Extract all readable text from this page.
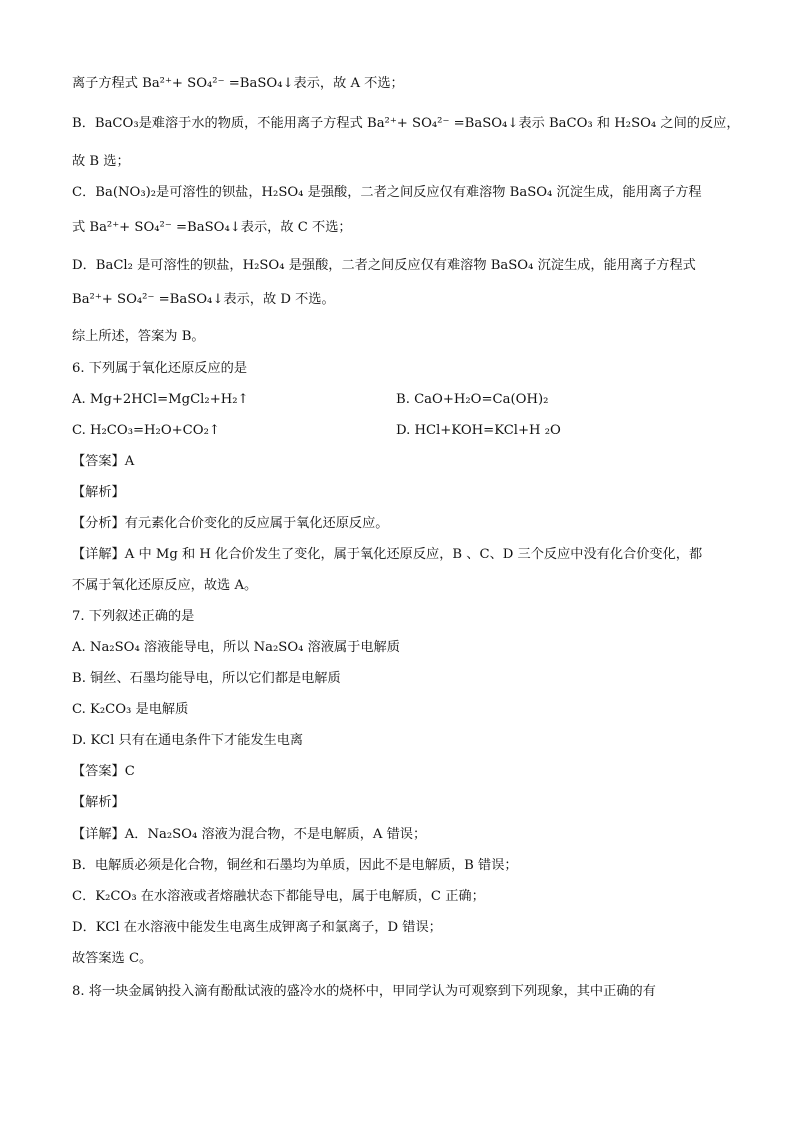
离子方程式 Ba²⁺+ SO₄²⁻ =BaSO₄↓表示，故 A 不选；
B．BaCO₃是难溶于水的物质，不能用离子方程式 Ba²⁺+ SO₄²⁻ =BaSO₄↓表示 BaCO₃ 和 H₂SO₄ 之间的反应，
故 B 选；
C．Ba(NO₃)₂是可溶性的钡盐，H₂SO₄ 是强酸，二者之间反应仅有难溶物 BaSO₄ 沉淀生成，能用离子方程
式 Ba²⁺+ SO₄²⁻ =BaSO₄↓表示，故 C 不选；
D．BaCl₂ 是可溶性的钡盐，H₂SO₄ 是强酸，二者之间反应仅有难溶物 BaSO₄ 沉淀生成，能用离子方程式
Ba²⁺+ SO₄²⁻ =BaSO₄↓表示，故 D 不选。
综上所述，答案为 B。
6. 下列属于氧化还原反应的是
A. Mg+2HCl=MgCl₂+H₂↑	B. CaO+H₂O=Ca(OH)₂
C. H₂CO₃=H₂O+CO₂↑	D. HCl+KOH=KCl+H ₂O
【答案】A
【解析】
【分析】有元素化合价变化的反应属于氧化还原反应。
【详解】A 中 Mg 和 H 化合价发生了变化，属于氧化还原反应，B 、C、D 三个反应中没有化合价变化，都
不属于氧化还原反应，故选 A。
7. 下列叙述正确的是
A. Na₂SO₄ 溶液能导电，所以 Na₂SO₄ 溶液属于电解质
B. 铜丝、石墨均能导电，所以它们都是电解质
C. K₂CO₃ 是电解质
D. KCl 只有在通电条件下才能发生电离
【答案】C
【解析】
【详解】A．Na₂SO₄ 溶液为混合物，不是电解质，A 错误；
B．电解质必须是化合物，铜丝和石墨均为单质，因此不是电解质，B 错误；
C．K₂CO₃ 在水溶液或者熔融状态下都能导电，属于电解质，C 正确；
D．KCl 在水溶液中能发生电离生成钾离子和氯离子，D 错误；
故答案选 C。
8. 将一块金属钠投入滴有酚酞试液的盛冷水的烧杯中，甲同学认为可观察到下列现象，其中正确的有
